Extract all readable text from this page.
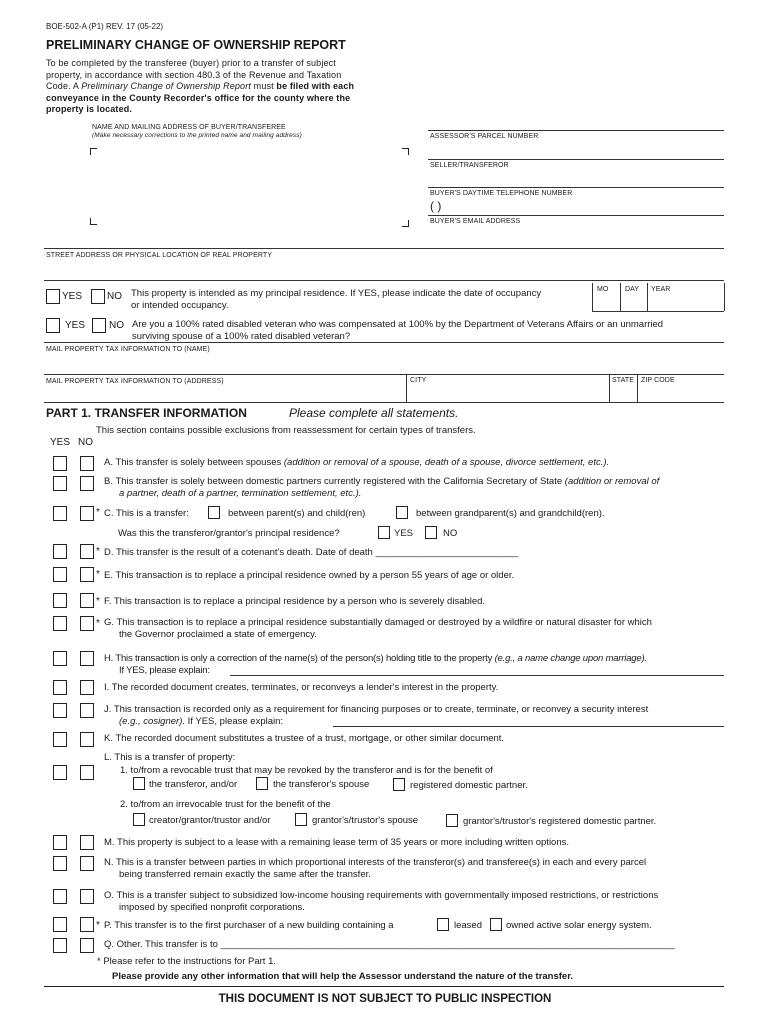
BOE-502-A (P1) REV. 17 (05-22)
PRELIMINARY CHANGE OF OWNERSHIP REPORT
To be completed by the transferee (buyer) prior to a transfer of subject
property, in accordance with section 480.3 of the Revenue and Taxation
Code. A Preliminary Change of Ownership Report must be filed with each
conveyance in the County Recorder's office for the county where the
property is located.
NAME AND MAILING ADDRESS OF BUYER/TRANSFEREE
(Make necessary corrections to the printed name and mailing address)	ASSESSOR'S PARCEL NUMBER
SELLER/TRANSFEROR
BUYER'S DAYTIME TELEPHONE NUMBER
( )
BUYER'S EMAIL ADDRESS
STREET ADDRESS OR PHYSICAL LOCATION OF REAL PROPERTY
YES NO This property is intended as my principal residence. If YES, please indicate the date of occupancy
or intended occupancy.
MO DAY YEAR
YES NO Are you a 100% rated disabled veteran who was compensated at 100% by the Department of Veterans Affairs or an unmarried
surviving spouse of a 100% rated disabled veteran?
MAIL PROPERTY TAX INFORMATION TO (NAME)
MAIL PROPERTY TAX INFORMATION TO (ADDRESS)	CITY	STATE ZIP CODE
PART 1. TRANSFER INFORMATION	Please complete all statements.
This section contains possible exclusions from reassessment for certain types of transfers.
YES NO
A. This transfer is solely between spouses (addition or removal of a spouse, death of a spouse, divorce settlement, etc.).
B. This transfer is solely between domestic partners currently registered with the California Secretary of State (addition or removal of
a partner, death of a partner, termination settlement, etc.).
* C. This is a transfer:	between parent(s) and child(ren)	between grandparent(s) and grandchild(ren).
Was this the transferor/grantor's principal residence?	YES	NO
* D. This transfer is the result of a cotenant's death. Date of death ___________________________
* E. This transaction is to replace a principal residence owned by a person 55 years of age or older.
* F. This transaction is to replace a principal residence by a person who is severely disabled.
* G. This transaction is to replace a principal residence substantially damaged or destroyed by a wildfire or natural disaster for which
the Governor proclaimed a state of emergency.
H. This transaction is only a correction of the name(s) of the person(s) holding title to the property (e.g., a name change upon marriage).
If YES, please explain:
I. The recorded document creates, terminates, or reconveys a lender's interest in the property.
J. This transaction is recorded only as a requirement for financing purposes or to create, terminate, or reconvey a security interest
(e.g., cosigner). If YES, please explain:
K. The recorded document substitutes a trustee of a trust, mortgage, or other similar document.
L. This is a transfer of property:
1. to/from a revocable trust that may be revoked by the transferor and is for the benefit of
the transferor, and/or	the transferor's spouse	registered domestic partner.
2. to/from an irrevocable trust for the benefit of the
creator/grantor/trustor and/or	grantor's/trustor's spouse	grantor's/trustor's registered domestic partner.
M. This property is subject to a lease with a remaining lease term of 35 years or more including written options.
N. This is a transfer between parties in which proportional interests of the transferor(s) and transferee(s) in each and every parcel
being transferred remain exactly the same after the transfer.
O. This is a transfer subject to subsidized low-income housing requirements with governmentally imposed restrictions, or restrictions
imposed by specified nonprofit corporations.
* P. This transfer is to the first purchaser of a new building containing a	leased	owned active solar energy system.
Q. Other. This transfer is to ______________________________________________________________________________________
* Please refer to the instructions for Part 1.
Please provide any other information that will help the Assessor understand the nature of the transfer.
THIS DOCUMENT IS NOT SUBJECT TO PUBLIC INSPECTION
